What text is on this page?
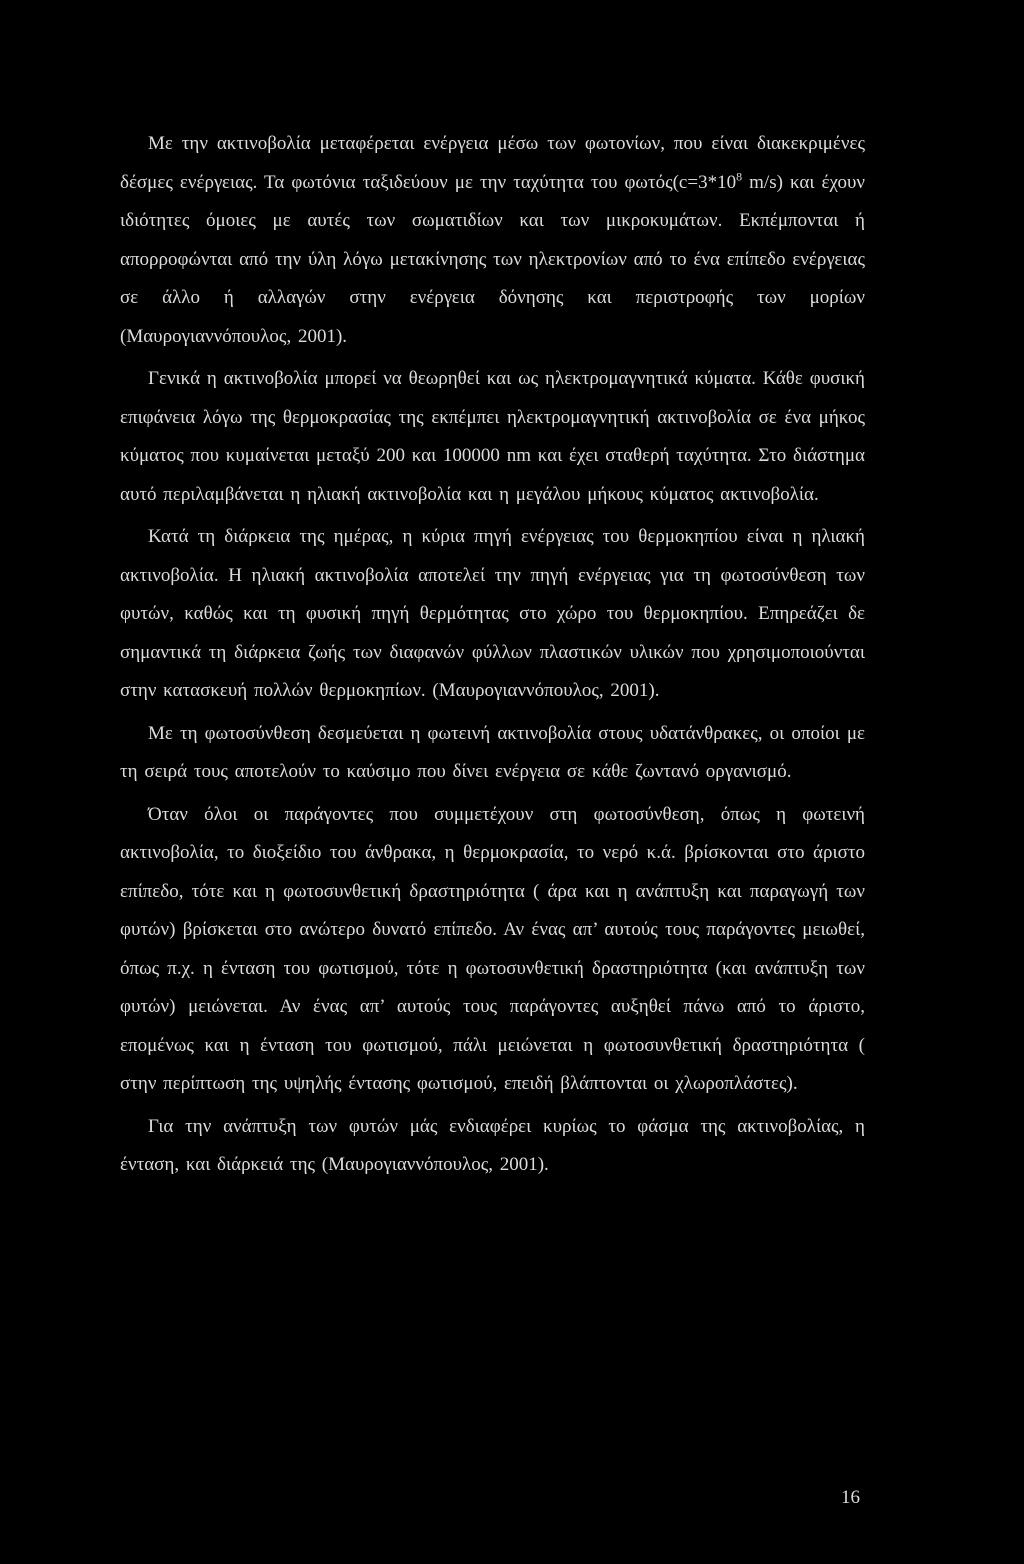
Με την ακτινοβολία μεταφέρεται ενέργεια μέσω των φωτονίων, που είναι διακεκριμένες δέσμες ενέργειας. Τα φωτόνια ταξιδεύουν με την ταχύτητα του $\varphi\omega\tau ό\varsigma(c=3*10^8$ m/s) και έχουν ιδιότητες όμοιες με αυτές των σωματιδίων και των μικροκυμάτων. Εκπέμπονται ή απορροφώνται από την ύλη λόγω μετακίνησης των ηλεκτρονίων από το ένα επίπεδο ενέργειας σε άλλο ή αλλαγών στην ενέργεια δόνησης και περιστροφής των μορίων (Μαυρογιαννόπουλος, 2001).

Γενικά η ακτινοβολία μπορεί να θεωρηθεί και ως ηλεκτρομαγνητικά κύματα. Κάθε φυσική επιφάνεια λόγω της θερμοκρασίας της εκπέμπει ηλεκτρομαγνητική ακτινοβολία σε ένα μήκος κύματος που κυμαίνεται μεταξύ 200 και 100000 nm και έχει σταθερή ταχύτητα. Στο διάστημα αυτό περιλαμβάνεται η ηλιακή ακτινοβολία και η μεγάλου μήκους κύματος ακτινοβολία.

Κατά τη διάρκεια της ημέρας, η κύρια πηγή ενέργειας του θερμοκηπίου είναι η ηλιακή ακτινοβολία. Η ηλιακή ακτινοβολία αποτελεί την πηγή ενέργειας για τη φωτοσύνθεση των φυτών, καθώς και τη φυσική πηγή θερμότητας στο χώρο του θερμοκηπίου. Επηρεάζει δε σημαντικά τη διάρκεια ζωής των διαφανών φύλλων πλαστικών υλικών που χρησιμοποιούνται στην κατασκευή πολλών θερμοκηπίων. (Μαυρογιαννόπουλος, 2001).

Με τη φωτοσύνθεση δεσμεύεται η φωτεινή ακτινοβολία στους υδατάνθρακες, οι οποίοι με τη σειρά τους αποτελούν το καύσιμο που δίνει ενέργεια σε κάθε ζωντανό οργανισμό.

Όταν όλοι οι παράγοντες που συμμετέχουν στη φωτοσύνθεση, όπως η φωτεινή ακτινοβολία, το διοξείδιο του άνθρακα, η θερμοκρασία, το νερό κ.ά. βρίσκονται στο άριστο επίπεδο, τότε και η φωτοσυνθετική δραστηριότητα ( άρα και η ανάπτυξη και παραγωγή των φυτών) βρίσκεται στο ανώτερο δυνατό επίπεδο. Αν ένας απ’ αυτούς τους παράγοντες μειωθεί, όπως π.χ. η ένταση του φωτισμού, τότε η φωτοσυνθετική δραστηριότητα (και ανάπτυξη των φυτών) μειώνεται. Αν ένας απ’ αυτούς τους παράγοντες αυξηθεί πάνω από το άριστο, επομένως και η ένταση του φωτισμού, πάλι μειώνεται η φωτοσυνθετική δραστηριότητα ( στην περίπτωση της υψηλής έντασης φωτισμού, επειδή βλάπτονται οι χλωροπλάστες).

Για την ανάπτυξη των φυτών μάς ενδιαφέρει κυρίως το φάσμα της ακτινοβολίας, η ένταση, και διάρκειά της (Μαυρογιαννόπουλος, 2001).

16
